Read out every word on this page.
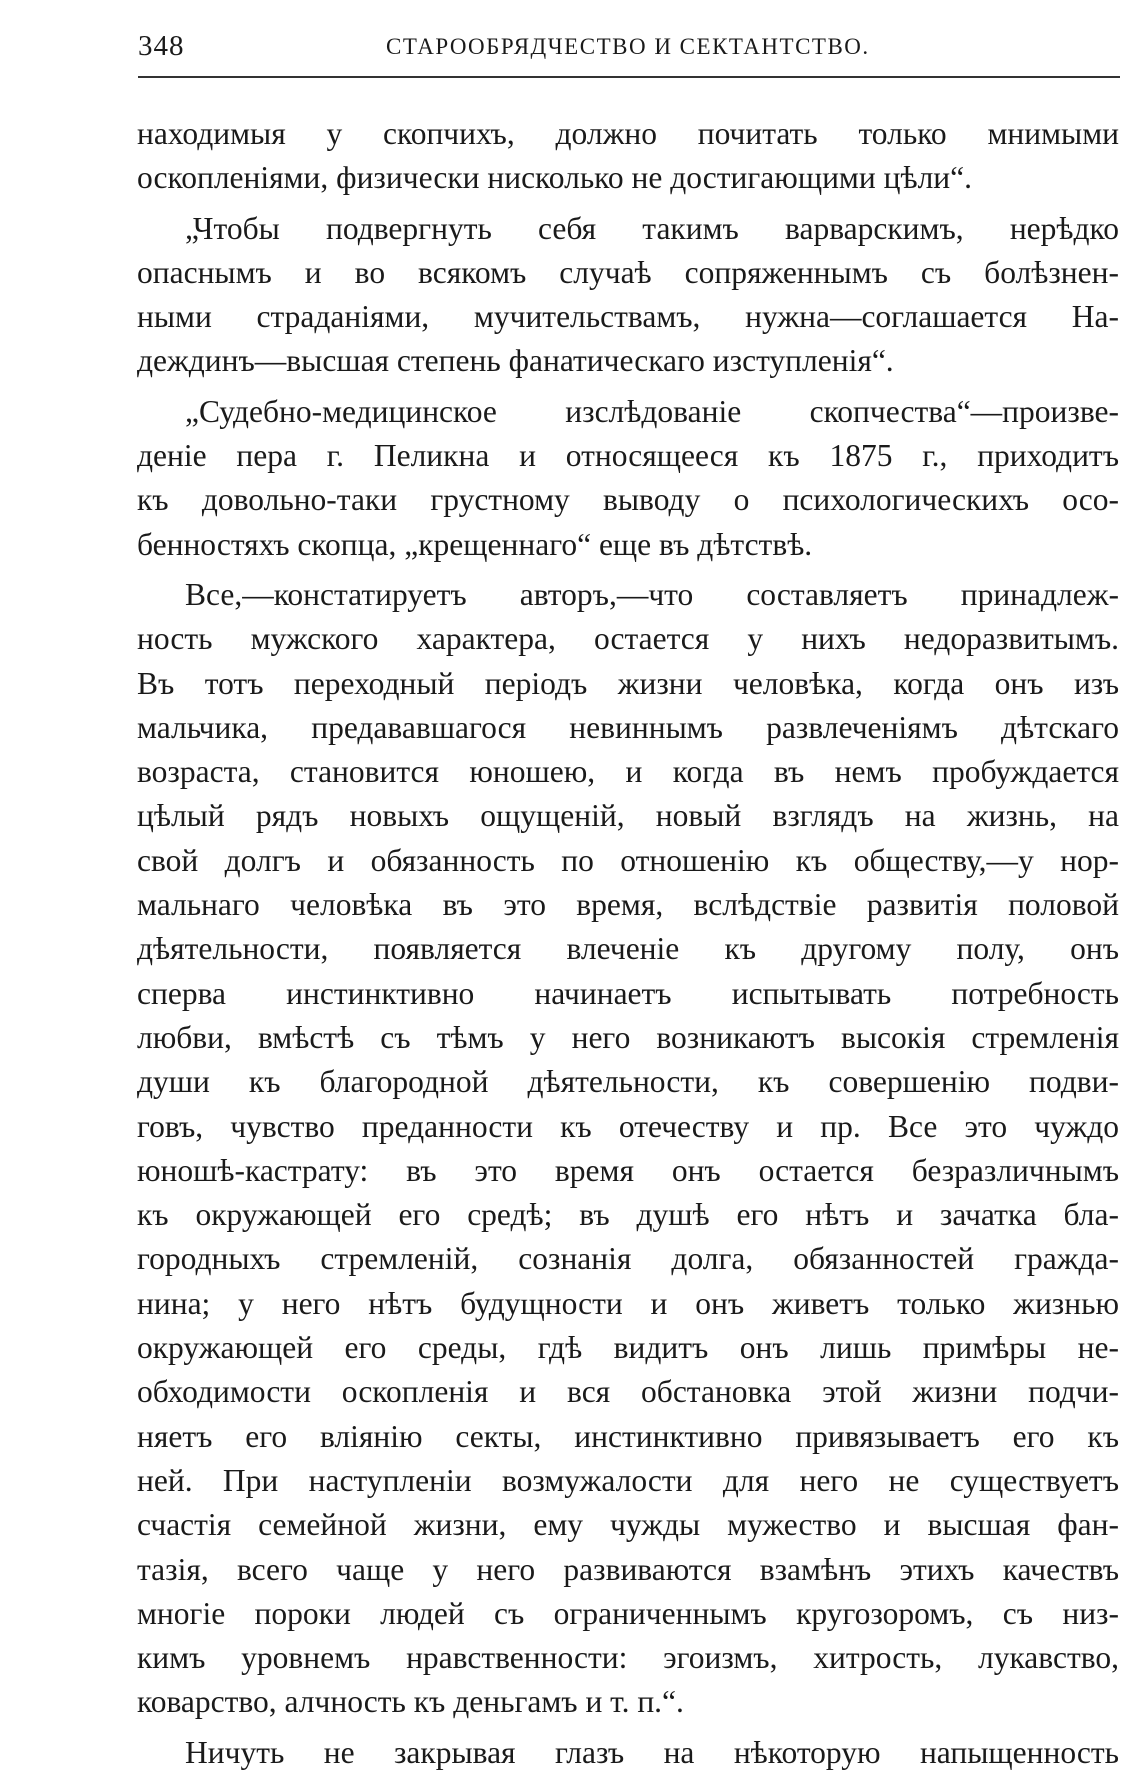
348	СТАРООБРЯДЧЕСТВО И СЕКТАНТСТВО.
находимыя у скопчихъ, должно почитать только мнимыми
оскопленіями, физически нисколько не достигающими цѣли“.
„Чтобы подвергнуть себя такимъ варварскимъ, нерѣдко
опаснымъ и во всякомъ случаѣ сопряженнымъ съ болѣзнен-
ными страданіями, мучительствамъ, нужна—соглашается На-
деждинъ—высшая степень фанатическаго изступленія“.
„Судебно-медицинское изслѣдованіе скопчества“—произве-
деніе пера г. Пеликна и относящееся къ 1875 г., приходитъ
къ довольно-таки грустному выводу о психологическихъ осо-
бенностяхъ скопца, „крещеннаго“ еще въ дѣтствѣ.
Все,—констатируетъ авторъ,—что составляетъ принадлеж-
ность мужского характера, остается у нихъ недоразвитымъ.
Въ тотъ переходный періодъ жизни человѣка, когда онъ изъ
мальчика, предававшагося невиннымъ развлеченіямъ дѣтскаго
возраста, становится юношею, и когда въ немъ пробуждается
цѣлый рядъ новыхъ ощущеній, новый взглядъ на жизнь, на
свой долгъ и обязанность по отношенію къ обществу,—у нор-
мальнаго человѣка въ это время, вслѣдствіе развитія половой
дѣятельности, появляется влеченіе къ другому полу, онъ
сперва инстинктивно начинаетъ испытывать потребность
любви, вмѣстѣ съ тѣмъ у него возникаютъ высокія стремленія
души къ благородной дѣятельности, къ совершенію подви-
говъ, чувство преданности къ отечеству и пр. Все это чуждо
юношѣ-кастрату: въ это время онъ остается безразличнымъ
къ окружающей его средѣ; въ душѣ его нѣтъ и зачатка бла-
городныхъ стремленій, сознанія долга, обязанностей гражда-
нина; у него нѣтъ будущности и онъ живетъ только жизнью
окружающей его среды, гдѣ видитъ онъ лишь примѣры не-
обходимости оскопленія и вся обстановка этой жизни подчи-
няетъ его вліянію секты, инстинктивно привязываетъ его къ
ней. При наступленіи возмужалости для него не существуетъ
счастія семейной жизни, ему чужды мужество и высшая фан-
тазія, всего чаще у него развиваются взамѣнъ этихъ качествъ
многіе пороки людей съ ограниченнымъ кругозоромъ, съ низ-
кимъ уровнемъ нравственности: эгоизмъ, хитрость, лукавство,
коварство, алчность къ деньгамъ и т. п.“.
Ничуть не закрывая глазъ на нѣкоторую напыщенность
